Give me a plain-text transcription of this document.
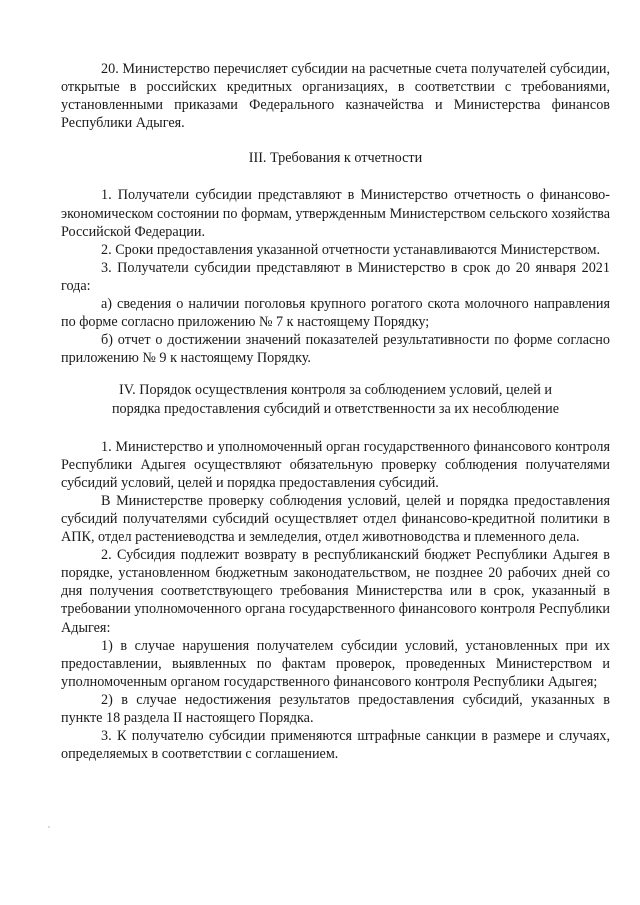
20. Министерство перечисляет субсидии на расчетные счета получателей субсидии, открытые в российских кредитных организациях, в соответствии с требованиями, установленными приказами Федерального казначейства и Министерства финансов Республики Адыгея.

III. Требования к отчетности

1. Получатели субсидии представляют в Министерство отчетность о финансово-экономическом состоянии по формам, утвержденным Министерством сельского хозяйства Российской Федерации.

2. Сроки предоставления указанной отчетности устанавливаются Министерством.

3. Получатели субсидии представляют в Министерство в срок до 20 января 2021 года:

а) сведения о наличии поголовья крупного рогатого скота молочного направления по форме согласно приложению № 7 к настоящему Порядку;

б) отчет о достижении значений показателей результативности по форме согласно приложению № 9 к настоящему Порядку.

IV. Порядок осуществления контроля за соблюдением условий, целей и
порядка предоставления субсидий и ответственности за их несоблюдение

1. Министерство и уполномоченный орган государственного финансового контроля Республики Адыгея осуществляют обязательную проверку соблюдения получателями субсидий условий, целей и порядка предоставления субсидий.

В Министерстве проверку соблюдения условий, целей и порядка предоставления субсидий получателями субсидий осуществляет отдел финансово-кредитной политики в АПК, отдел растениеводства и земледелия, отдел животноводства и племенного дела.

2. Субсидия подлежит возврату в республиканский бюджет Республики Адыгея в порядке, установленном бюджетным законодательством, не позднее 20 рабочих дней со дня получения соответствующего требования Министерства или в срок, указанный в требовании уполномоченного органа государственного финансового контроля Республики Адыгея:

1) в случае нарушения получателем субсидии условий, установленных при их предоставлении, выявленных по фактам проверок, проведенных Министерством и уполномоченным органом государственного финансового контроля Республики Адыгея;

2) в случае недостижения результатов предоставления субсидий, указанных в пункте 18 раздела II настоящего Порядка.

3. К получателю субсидии применяются штрафные санкции в размере и случаях, определяемых в соответствии с соглашением.
